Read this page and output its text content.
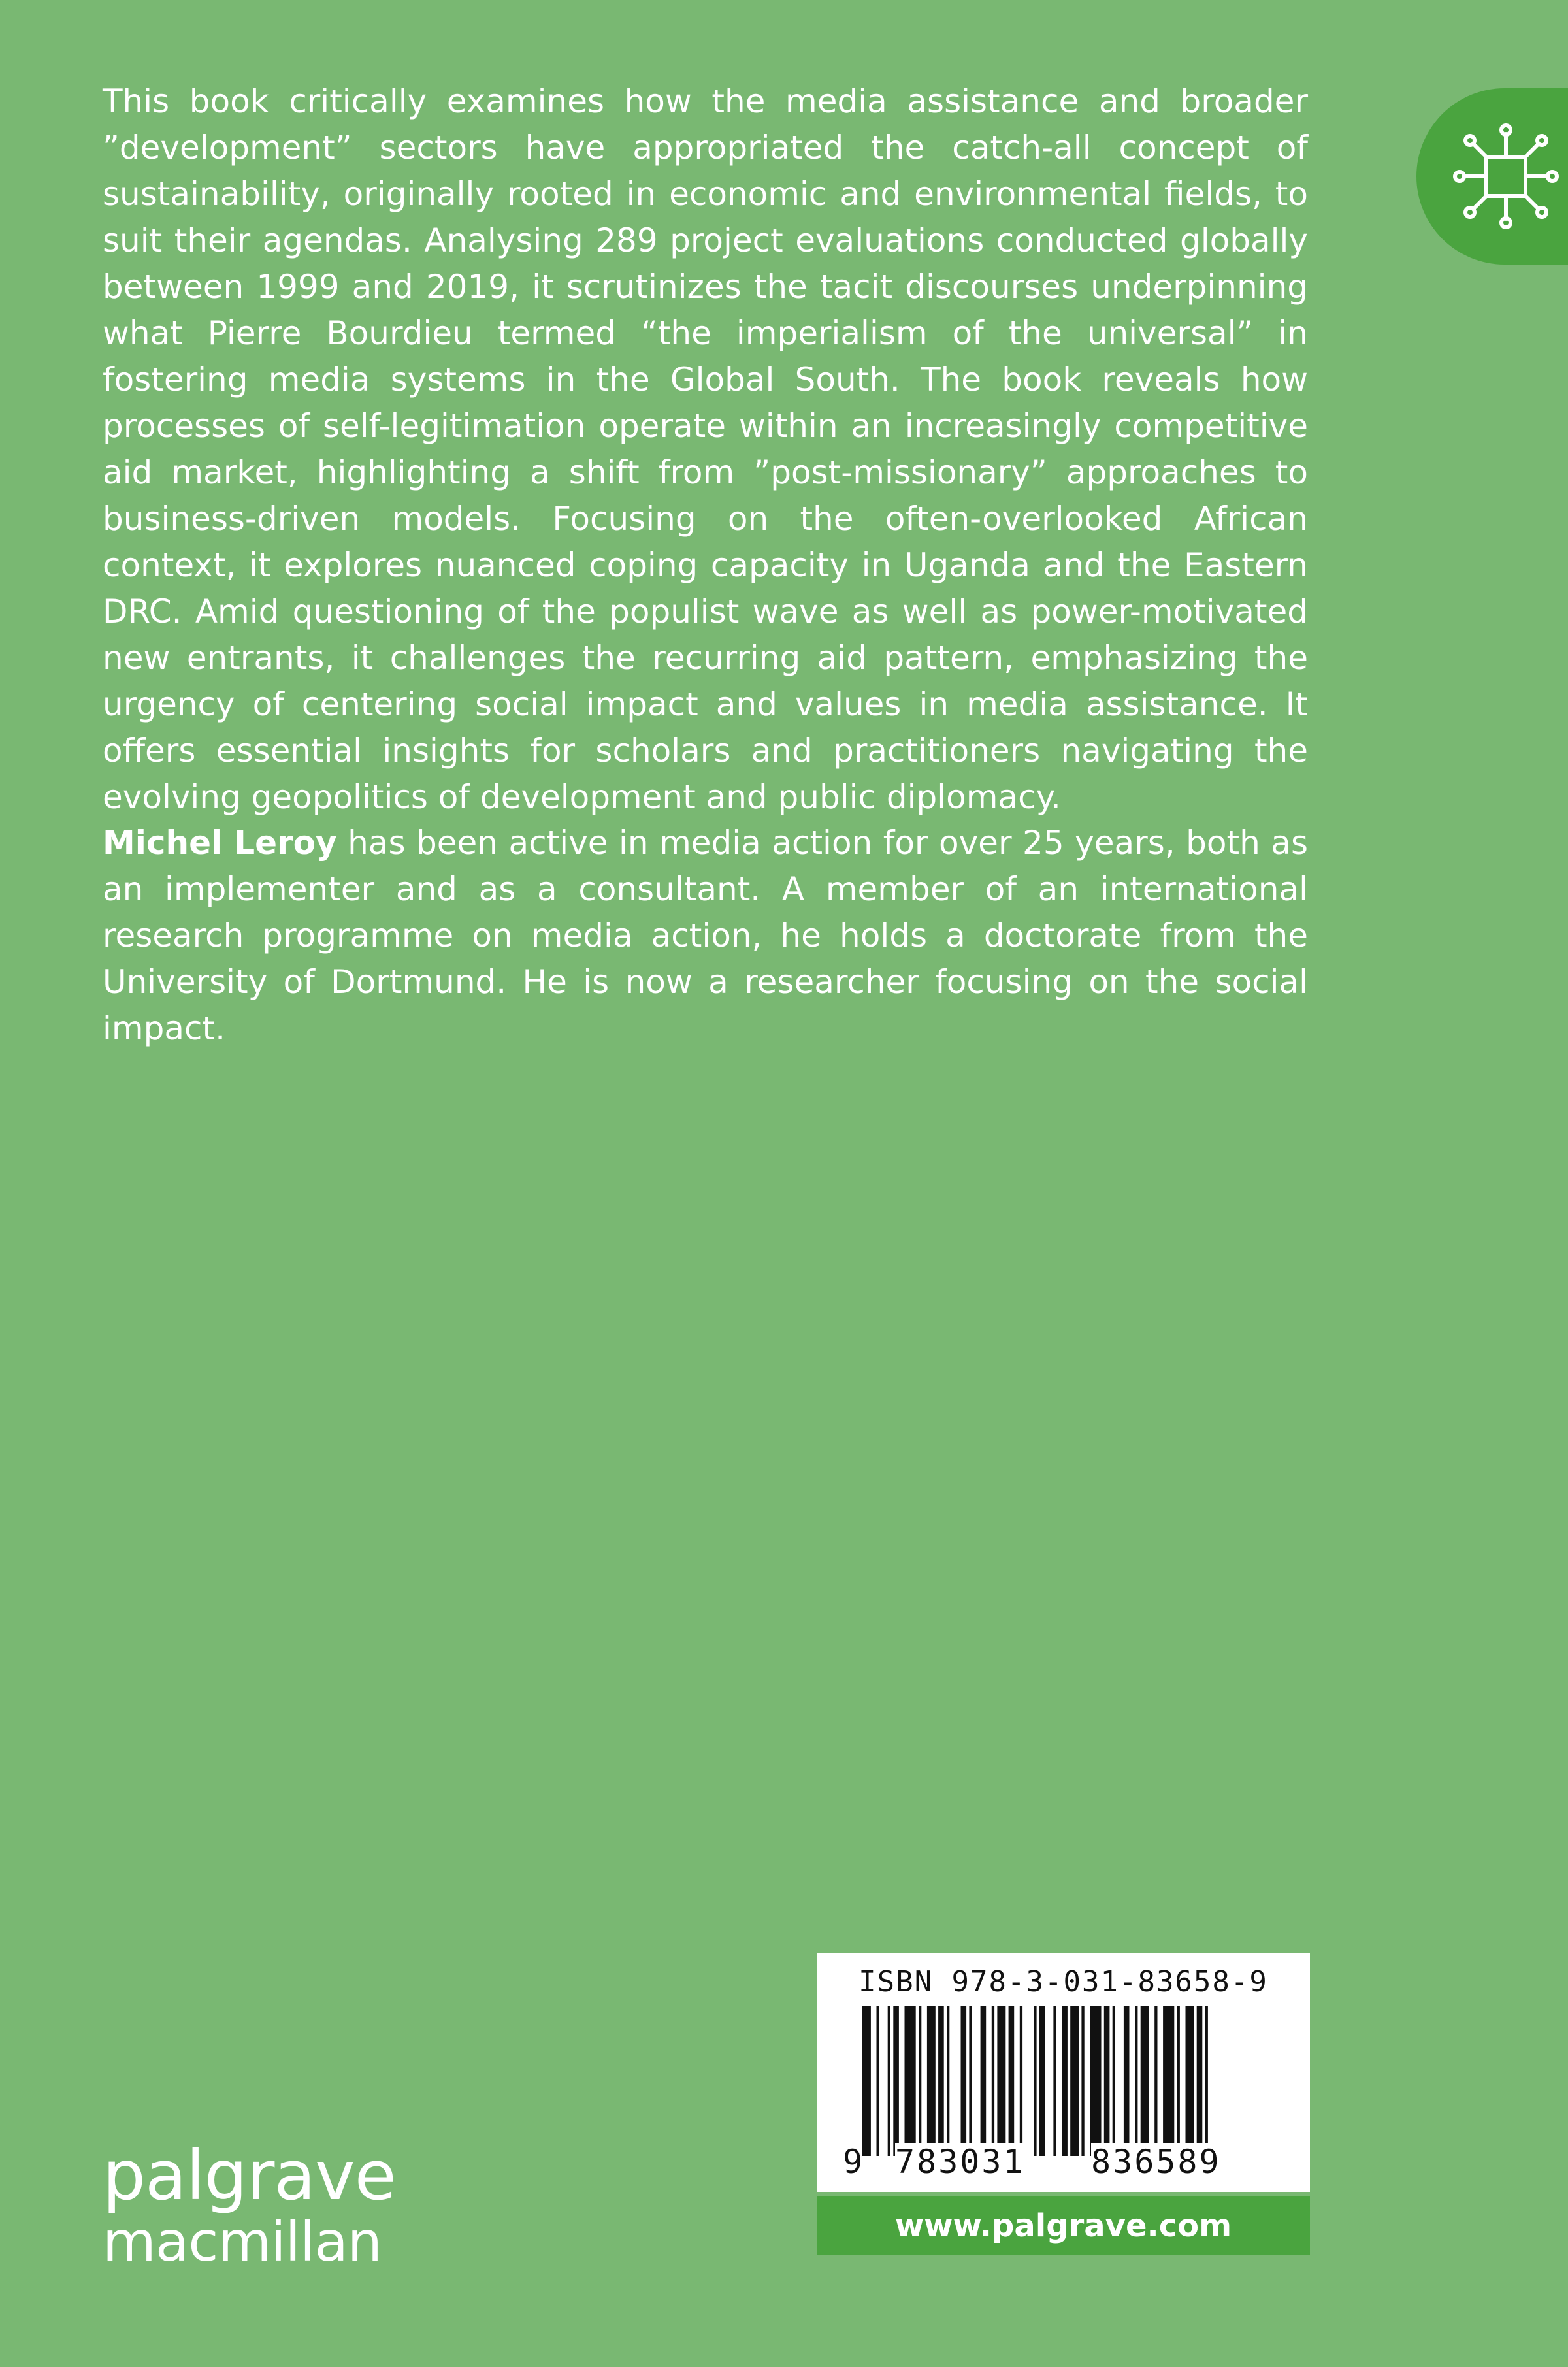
This book critically examines how the media assistance and broader ”development” sectors have appropriated the catch-all concept of sustainability, originally rooted in economic and environmental fields, to suit their agendas. Analysing 289 project evaluations conducted globally between 1999 and 2019, it scrutinizes the tacit discourses underpinning what Pierre Bourdieu termed “the imperialism of the universal” in fostering media systems in the Global South. The book reveals how processes of self-legitimation operate within an increasingly competitive aid market, highlighting a shift from ”post-missionary” approaches to business-driven models. Focusing on the often-overlooked African context, it explores nuanced coping capacity in Uganda and the Eastern DRC. Amid questioning of the populist wave as well as power-motivated new entrants, it challenges the recurring aid pattern, emphasizing the urgency of centering social impact and values in media assistance. It offers essential insights for scholars and practitioners navigating the evolving geopolitics of development and public diplomacy.

Michel Leroy has been active in media action for over 25 years, both as an implementer and as a consultant. A member of an international research programme on media action, he holds a doctorate from the University of Dortmund. He is now a researcher focusing on the social impact.

ISBN 978-3-031-83658-9
9 783031 836589
www.palgrave.com
palgrave
macmillan
